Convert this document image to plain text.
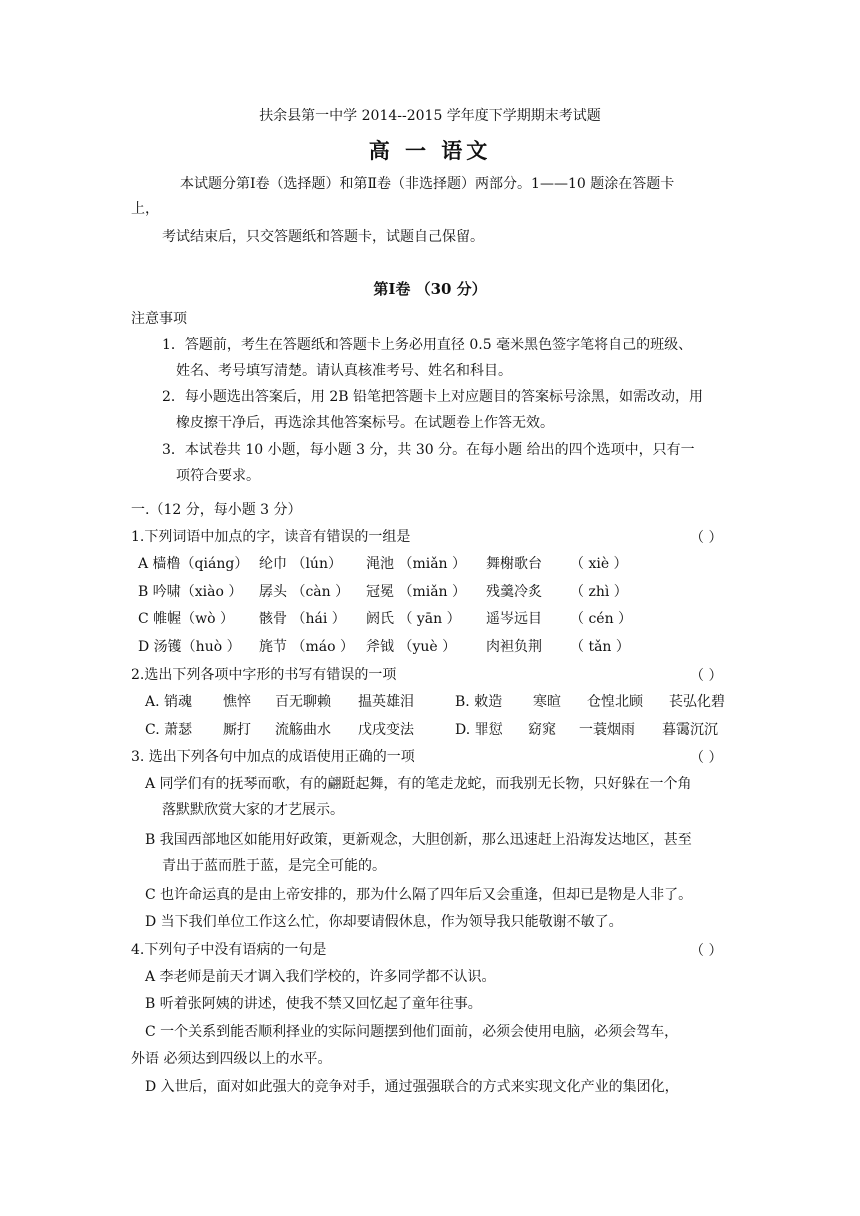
扶余县第一中学 2014--2015 学年度下学期期末考试题
高 一 语文
本试题分第Ⅰ卷（选择题）和第Ⅱ卷（非选择题）两部分。1——10 题涂在答题卡
上，
考试结束后，只交答题纸和答题卡，试题自己保留。
第Ⅰ卷 （30 分）
注意事项
1．答题前，考生在答题纸和答题卡上务必用直径 0.5 毫米黑色签字笔将自己的班级、
姓名、考号填写清楚。请认真核准考号、姓名和科目。
2．每小题选出答案后，用 2B 铅笔把答题卡上对应题目的答案标号涂黑，如需改动，用
橡皮擦干净后，再选涂其他答案标号。在试题卷上作答无效。
3．本试卷共 10 小题，每小题 3 分，共 30 分。在每小题 给出的四个选项中，只有一
项符合要求。
一.（12 分，每小题 3 分）
1.下列词语中加点的字，读音有错误的一组是	（ ）
A 樯橹（qiáng） 纶巾 （lún） 渑池 （miǎn ） 舞榭歌台 （ xiè ）
B 吟啸（xiào ） 孱头 （càn ） 冠冕 （miǎn ） 残羹冷炙 （ zhì ）
C 帷幄（wò ） 骸骨 （hái ） 阏氏 （ yān ） 遥岑远目 （ cén ）
D 汤镬（huò ） 旄节 （máo ） 斧钺 （yuè ） 肉袒负荆 （ tǎn ）
2.选出下列各项中字形的书写有错误的一项	（ ）
A. 销魂 憔悴 百无聊赖 揾英雄泪	B. 敕造 寒暄 仓惶北顾 苌弘化碧
C. 萧瑟 厮打 流觞曲水 戊戌变法	D. 罪愆 窈窕 一蓑烟雨 暮霭沉沉
3. 选出下列各句中加点的成语使用正确的一项	（ ）
A 同学们有的抚琴而歌，有的翩跹起舞，有的笔走龙蛇，而我别无长物，只好躲在一个角
落默默欣赏大家的才艺展示。
B 我国西部地区如能用好政策，更新观念，大胆创新，那么迅速赶上沿海发达地区，甚至
青出于蓝而胜于蓝，是完全可能的。
C 也许命运真的是由上帝安排的，那为什么隔了四年后又会重逢，但却已是物是人非了。
D 当下我们单位工作这么忙，你却要请假休息，作为领导我只能敬谢不敏了。
4.下列句子中没有语病的一句是	（ ）
A 李老师是前天才调入我们学校的，许多同学都不认识。
B 听着张阿姨的讲述，使我不禁又回忆起了童年往事。
C 一个关系到能否顺利择业的实际问题摆到他们面前，必须会使用电脑，必须会驾车，
外语 必须达到四级以上的水平。
D 入世后，面对如此强大的竞争对手，通过强强联合的方式来实现文化产业的集团化，
